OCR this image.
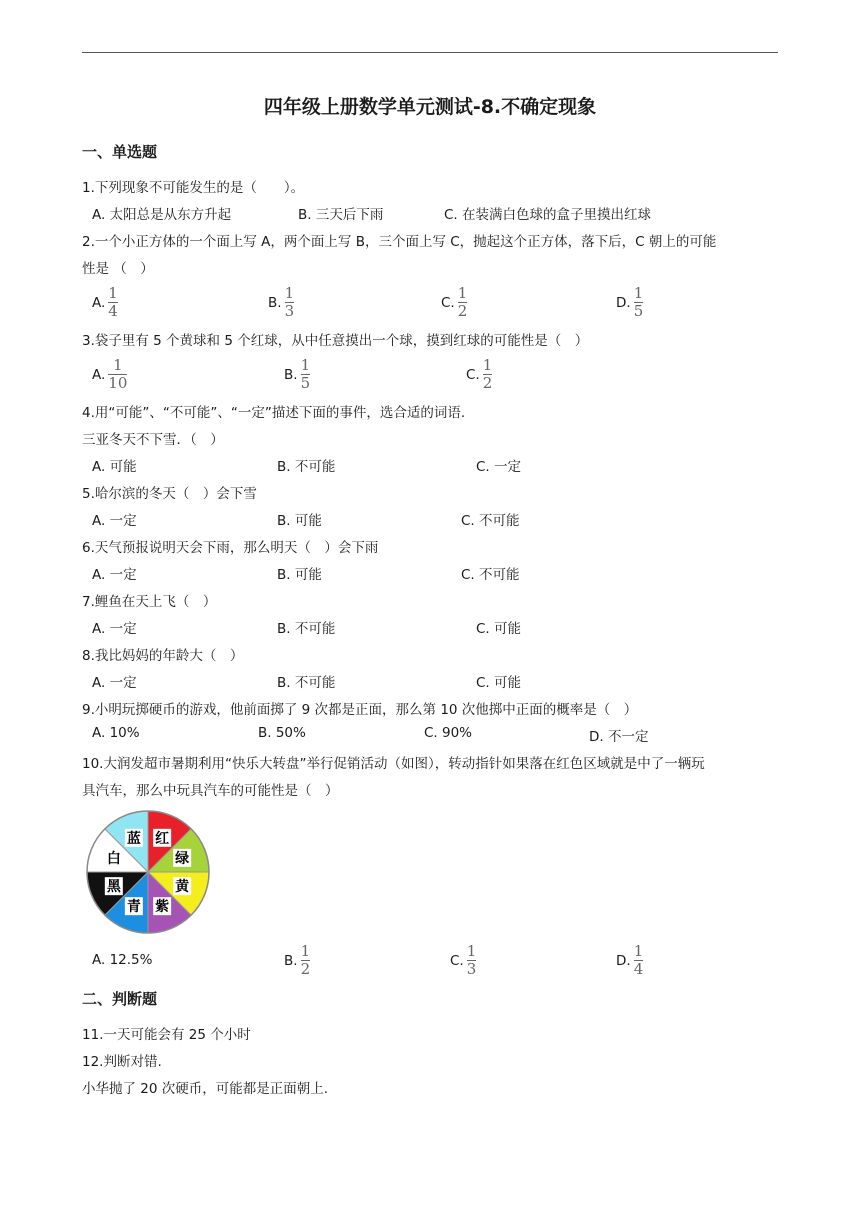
四年级上册数学单元测试-8.不确定现象
一、单选题
1.下列现象不可能发生的是（　　）。
A. 太阳总是从东方升起	B. 三天后下雨	C. 在装满白色球的盒子里摸出红球
2.一个小正方体的一个面上写 A，两个面上写 B，三个面上写 C，抛起这个正方体，落下后，C 朝上的可能
性是 （　）
A. $\frac{1}{4}$	B. $\frac{1}{3}$	C. $\frac{1}{2}$	D. $\frac{1}{5}$
3.袋子里有 5 个黄球和 5 个红球，从中任意摸出一个球，摸到红球的可能性是（　）
A. $\frac{1}{10}$	B. $\frac{1}{5}$	C. $\frac{1}{2}$
4.用“可能”、“不可能”、“一定”描述下面的事件，选合适的词语.
三亚冬天不下雪．（　）
A. 可能	B. 不可能	C. 一定
5.哈尔滨的冬天（　）会下雪
A. 一定	B. 可能	C. 不可能
6.天气预报说明天会下雨，那么明天（　）会下雨
A. 一定	B. 可能	C. 不可能
7.鲤鱼在天上飞（　）
A. 一定	B. 不可能	C. 可能
8.我比妈妈的年龄大（　）
A. 一定	B. 不可能	C. 可能
9.小明玩掷硬币的游戏，他前面掷了 9 次都是正面，那么第 10 次他掷中正面的概率是（　）
A. 10%	B. 50%	C. 90%	D. 不一定
10.大润发超市暑期利用“快乐大转盘”举行促销活动（如图），转动指针如果落在红色区域就是中了一辆玩
具汽车，那么中玩具汽车的可能性是（　）
红
绿
黄
紫
青
黑
白
蓝
A. 12.5%	B. $\frac{1}{2}$	C. $\frac{1}{3}$	D. $\frac{1}{4}$
二、判断题
11.一天可能会有 25 个小时
12.判断对错.
小华抛了 20 次硬币，可能都是正面朝上.
